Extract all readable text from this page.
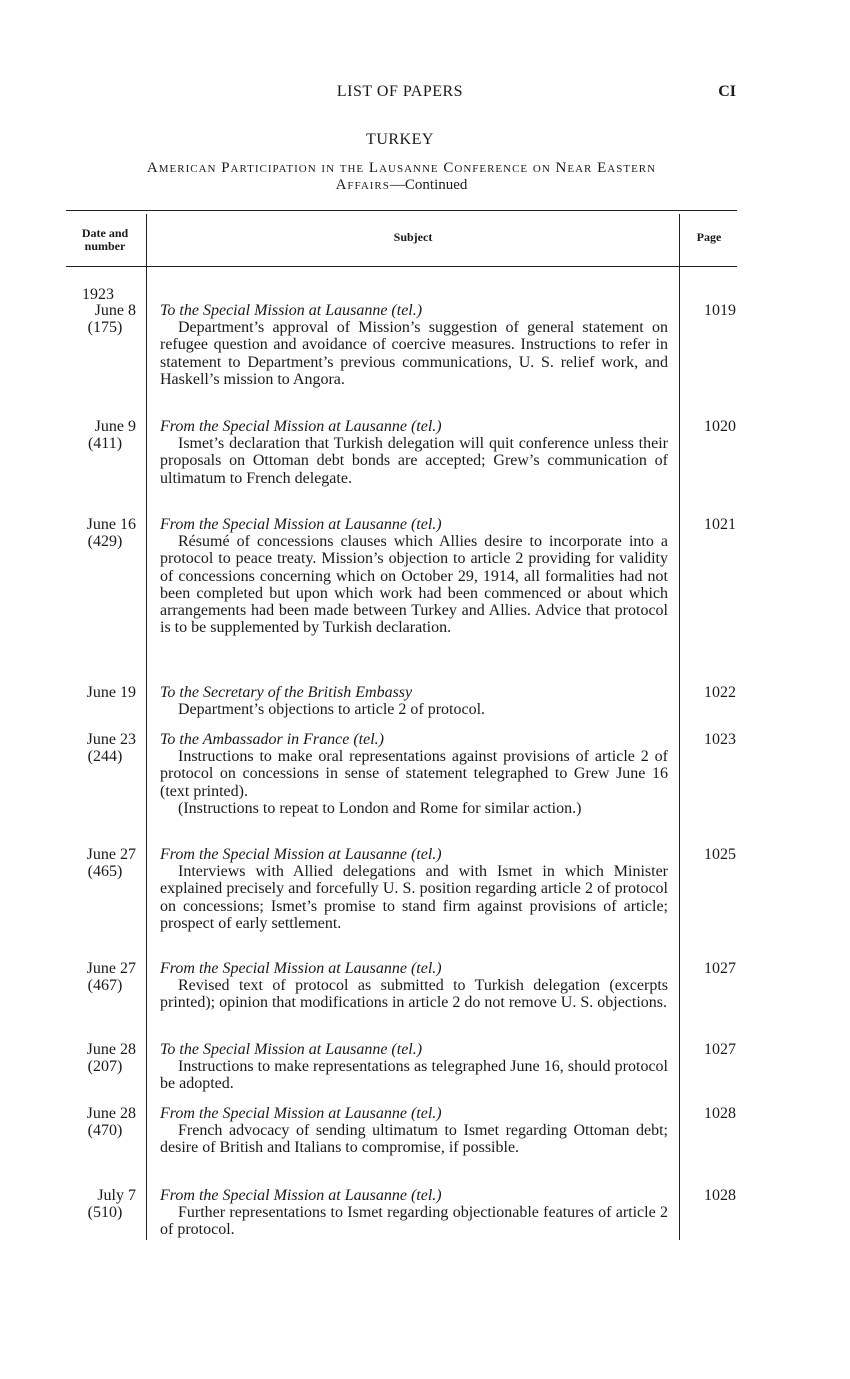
LIST OF PAPERS	CI
TURKEY
American Participation in the Lausanne Conference on Near Eastern
Affairs—Continued
Date and
number
Subject	Page
1923
June 8
(175)
To the Special Mission at Lausanne (tel.)
Department’s approval of Mission’s suggestion of general statement on refugee question and avoidance of coercive measures. Instructions to refer in statement to Department’s previous communications, U. S. relief work, and Haskell’s mission to Angora.
1019
June 9
(411)
From the Special Mission at Lausanne (tel.)
Ismet’s declaration that Turkish delegation will quit conference unless their proposals on Ottoman debt bonds are accepted; Grew’s communication of ultimatum to French delegate.
1020
June 16
(429)
From the Special Mission at Lausanne (tel.)
Résumé of concessions clauses which Allies desire to incorporate into a protocol to peace treaty. Mission’s objection to article 2 providing for validity of concessions concerning which on October 29, 1914, all formalities had not been completed but upon which work had been commenced or about which arrangements had been made between Turkey and Allies. Advice that protocol is to be supplemented by Turkish declaration.
1021
June 19 To the Secretary of the British Embassy
Department’s objections to article 2 of protocol.
1022
June 23
(244)
To the Ambassador in France (tel.)
Instructions to make oral representations against provisions of article 2 of protocol on concessions in sense of statement telegraphed to Grew June 16 (text printed).
(Instructions to repeat to London and Rome for similar action.)
1023
June 27
(465)
From the Special Mission at Lausanne (tel.)
Interviews with Allied delegations and with Ismet in which Minister explained precisely and forcefully U. S. position regarding article 2 of protocol on concessions; Ismet’s promise to stand firm against provisions of article; prospect of early settlement.
1025
June 27
(467)
From the Special Mission at Lausanne (tel.)
Revised text of protocol as submitted to Turkish delegation (excerpts printed); opinion that modifications in article 2 do not remove U. S. objections.
1027
June 28
(207)
To the Special Mission at Lausanne (tel.)
Instructions to make representations as telegraphed June 16, should protocol be adopted.
1027
June 28
(470)
From the Special Mission at Lausanne (tel.)
French advocacy of sending ultimatum to Ismet regarding Ottoman debt; desire of British and Italians to compromise, if possible.
1028
July 7
(510)
From the Special Mission at Lausanne (tel.)
Further representations to Ismet regarding objectionable features of article 2 of protocol.
1028
